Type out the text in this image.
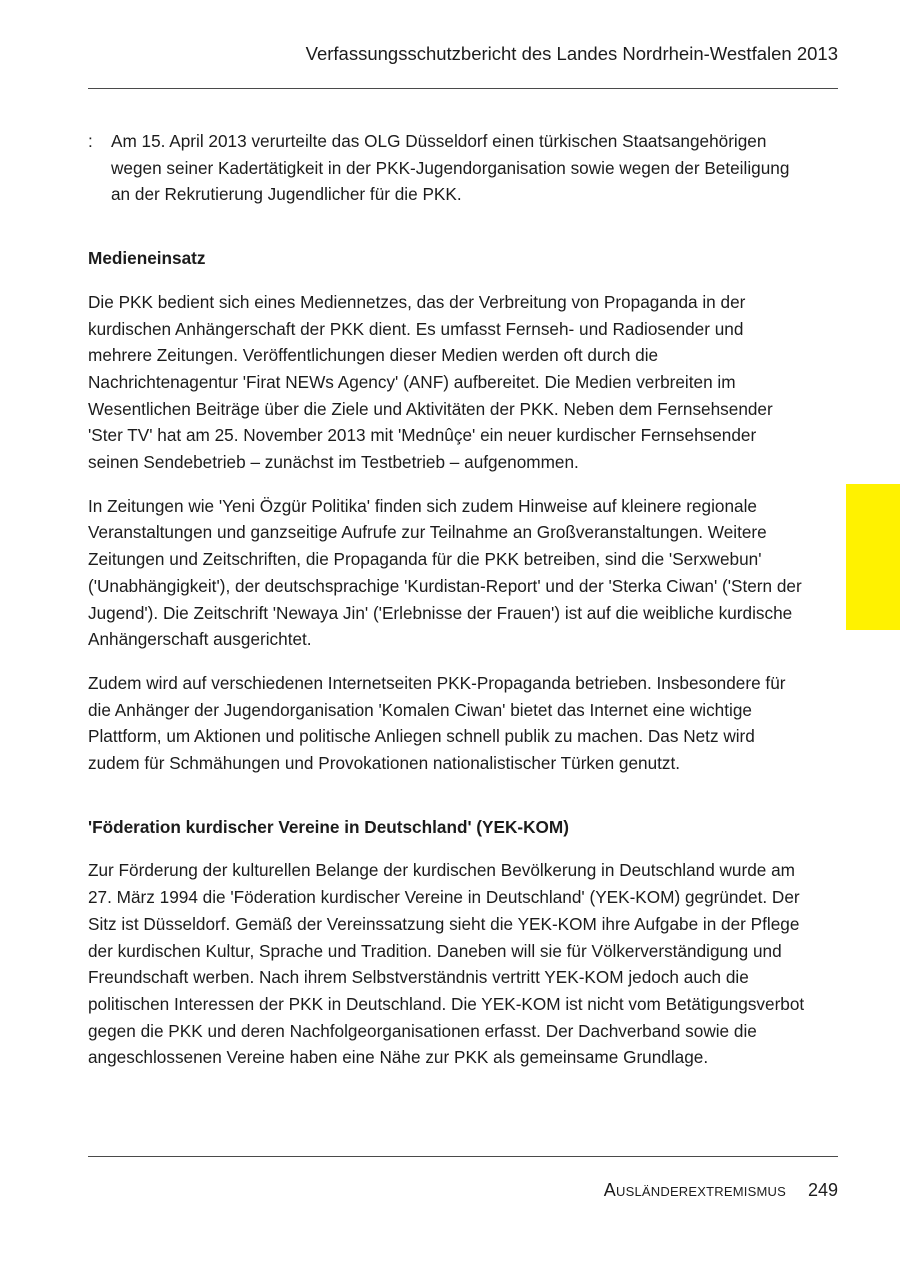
Verfassungsschutzbericht des Landes Nordrhein-Westfalen 2013
: Am 15. April 2013 verurteilte das OLG Düsseldorf einen türkischen Staatsangehörigen wegen seiner Kadertätigkeit in der PKK-Jugendorganisation sowie wegen der Beteiligung an der Rekrutierung Jugendlicher für die PKK.
Medieneinsatz

Die PKK bedient sich eines Mediennetzes, das der Verbreitung von Propaganda in der kurdischen Anhängerschaft der PKK dient. Es umfasst Fernseh- und Radiosender und mehrere Zeitungen. Veröffentlichungen dieser Medien werden oft durch die Nachrichtenagentur 'Firat NEWs Agency' (ANF) aufbereitet. Die Medien verbreiten im Wesentlichen Beiträge über die Ziele und Aktivitäten der PKK. Neben dem Fernsehsender 'Ster TV' hat am 25. November 2013 mit 'Mednûçe' ein neuer kurdischer Fernsehsender seinen Sendebetrieb – zunächst im Testbetrieb – aufgenommen.

In Zeitungen wie 'Yeni Özgür Politika' finden sich zudem Hinweise auf kleinere regionale Veranstaltungen und ganzseitige Aufrufe zur Teilnahme an Großveranstaltungen. Weitere Zeitungen und Zeitschriften, die Propaganda für die PKK betreiben, sind die 'Serxwebun' ('Unabhängigkeit'), der deutschsprachige 'Kurdistan-Report' und der 'Sterka Ciwan' ('Stern der Jugend'). Die Zeitschrift 'Newaya Jin' ('Erlebnisse der Frauen') ist auf die weibliche kurdische Anhängerschaft ausgerichtet.

Zudem wird auf verschiedenen Internetseiten PKK-Propaganda betrieben. Insbesondere für die Anhänger der Jugendorganisation 'Komalen Ciwan' bietet das Internet eine wichtige Plattform, um Aktionen und politische Anliegen schnell publik zu machen. Das Netz wird zudem für Schmähungen und Provokationen nationalistischer Türken genutzt.

'Föderation kurdischer Vereine in Deutschland' (YEK-KOM)

Zur Förderung der kulturellen Belange der kurdischen Bevölkerung in Deutschland wurde am 27. März 1994 die 'Föderation kurdischer Vereine in Deutschland' (YEK-KOM) gegründet. Der Sitz ist Düsseldorf. Gemäß der Vereinssatzung sieht die YEK-KOM ihre Aufgabe in der Pflege der kurdischen Kultur, Sprache und Tradition. Daneben will sie für Völkerverständigung und Freundschaft werben. Nach ihrem Selbstverständnis vertritt YEK-KOM jedoch auch die politischen Interessen der PKK in Deutschland. Die YEK-KOM ist nicht vom Betätigungsverbot gegen die PKK und deren Nachfolgeorganisationen erfasst. Der Dachverband sowie die angeschlossenen Vereine haben eine Nähe zur PKK als gemeinsame Grundlage.

Ausländerextremismus 249
